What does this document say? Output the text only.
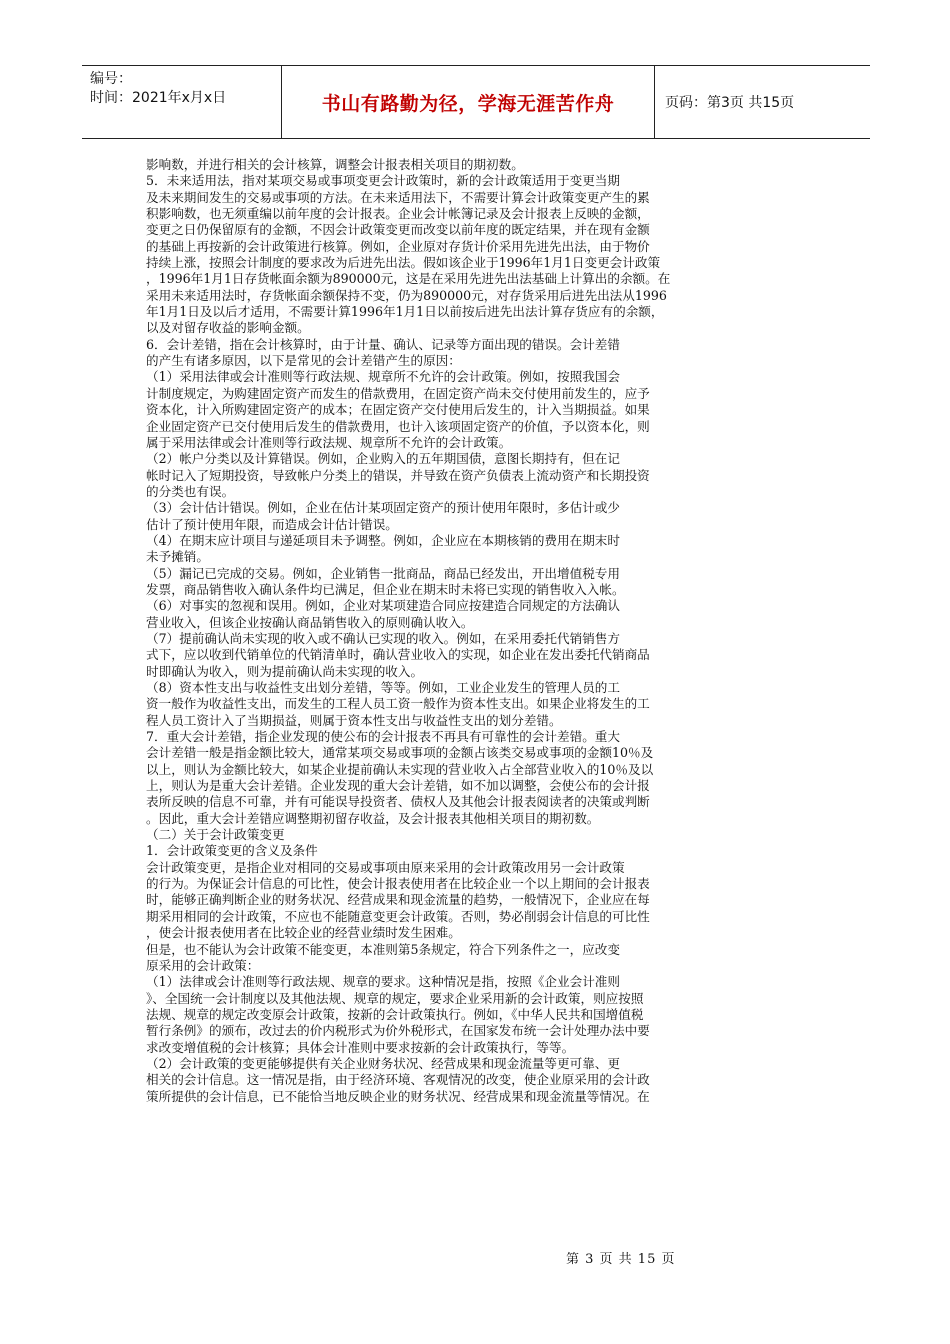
编号：
时间：2021年x月x日	书山有路勤为径，学海无涯苦作舟	页码：第3页 共15页

影响数，并进行相关的会计核算，调整会计报表相关项目的期初数。

5．未来适用法，指对某项交易或事项变更会计政策时，新的会计政策适用于变更当期

及未来期间发生的交易或事项的方法。在未来适用法下，不需要计算会计政策变更产生的累

积影响数，也无须重编以前年度的会计报表。企业会计帐簿记录及会计报表上反映的金额，

变更之日仍保留原有的金额，不因会计政策变更而改变以前年度的既定结果，并在现有金额

的基础上再按新的会计政策进行核算。例如，企业原对存货计价采用先进先出法，由于物价

持续上涨，按照会计制度的要求改为后进先出法。假如该企业于1996年1月1日变更会计政策

，1996年1月1日存货帐面余额为890000元，这是在采用先进先出法基础上计算出的余额。在

采用未来适用法时，存货帐面余额保持不变，仍为890000元，对存货采用后进先出法从1996

年1月1日及以后才适用，不需要计算1996年1月1日以前按后进先出法计算存货应有的余额，

以及对留存收益的影响金额。

6．会计差错，指在会计核算时，由于计量、确认、记录等方面出现的错误。会计差错

的产生有诸多原因，以下是常见的会计差错产生的原因：

（1）采用法律或会计准则等行政法规、规章所不允许的会计政策。例如，按照我国会

计制度规定，为购建固定资产而发生的借款费用，在固定资产尚未交付使用前发生的，应予

资本化，计入所购建固定资产的成本；在固定资产交付使用后发生的，计入当期损益。如果

企业固定资产已交付使用后发生的借款费用，也计入该项固定资产的价值，予以资本化，则

属于采用法律或会计准则等行政法规、规章所不允许的会计政策。

（2）帐户分类以及计算错误。例如，企业购入的五年期国债，意图长期持有，但在记

帐时记入了短期投资，导致帐户分类上的错误，并导致在资产负债表上流动资产和长期投资

的分类也有误。

（3）会计估计错误。例如，企业在估计某项固定资产的预计使用年限时，多估计或少

估计了预计使用年限，而造成会计估计错误。

（4）在期末应计项目与递延项目未予调整。例如，企业应在本期核销的费用在期末时

未予摊销。

（5）漏记已完成的交易。例如，企业销售一批商品，商品已经发出，开出增值税专用

发票，商品销售收入确认条件均已满足，但企业在期末时未将已实现的销售收入入帐。

（6）对事实的忽视和误用。例如，企业对某项建造合同应按建造合同规定的方法确认

营业收入，但该企业按确认商品销售收入的原则确认收入。

（7）提前确认尚未实现的收入或不确认已实现的收入。例如，在采用委托代销销售方

式下，应以收到代销单位的代销清单时，确认营业收入的实现，如企业在发出委托代销商品

时即确认为收入，则为提前确认尚未实现的收入。

（8）资本性支出与收益性支出划分差错，等等。例如，工业企业发生的管理人员的工

资一般作为收益性支出，而发生的工程人员工资一般作为资本性支出。如果企业将发生的工

程人员工资计入了当期损益，则属于资本性支出与收益性支出的划分差错。

7．重大会计差错，指企业发现的使公布的会计报表不再具有可靠性的会计差错。重大

会计差错一般是指金额比较大，通常某项交易或事项的金额占该类交易或事项的金额10％及

以上，则认为金额比较大，如某企业提前确认未实现的营业收入占全部营业收入的10％及以

上，则认为是重大会计差错。企业发现的重大会计差错，如不加以调整，会使公布的会计报

表所反映的信息不可靠，并有可能误导投资者、债权人及其他会计报表阅读者的决策或判断

。因此，重大会计差错应调整期初留存收益，及会计报表其他相关项目的期初数。

（二）关于会计政策变更

1．会计政策变更的含义及条件

会计政策变更，是指企业对相同的交易或事项由原来采用的会计政策改用另一会计政策

的行为。为保证会计信息的可比性，使会计报表使用者在比较企业一个以上期间的会计报表

时，能够正确判断企业的财务状况、经营成果和现金流量的趋势，一般情况下，企业应在每

期采用相同的会计政策，不应也不能随意变更会计政策。否则，势必削弱会计信息的可比性

，使会计报表使用者在比较企业的经营业绩时发生困难。

但是，也不能认为会计政策不能变更，本准则第5条规定，符合下列条件之一，应改变

原采用的会计政策：

（1）法律或会计准则等行政法规、规章的要求。这种情况是指，按照《企业会计准则

》、全国统一会计制度以及其他法规、规章的规定，要求企业采用新的会计政策，则应按照

法规、规章的规定改变原会计政策，按新的会计政策执行。例如，《中华人民共和国增值税

暂行条例》的颁布，改过去的价内税形式为价外税形式，在国家发布统一会计处理办法中要

求改变增值税的会计核算；具体会计准则中要求按新的会计政策执行，等等。

（2）会计政策的变更能够提供有关企业财务状况、经营成果和现金流量等更可靠、更

相关的会计信息。这一情况是指，由于经济环境、客观情况的改变，使企业原采用的会计政

策所提供的会计信息，已不能恰当地反映企业的财务状况、经营成果和现金流量等情况。在

第 3 页 共 15 页
